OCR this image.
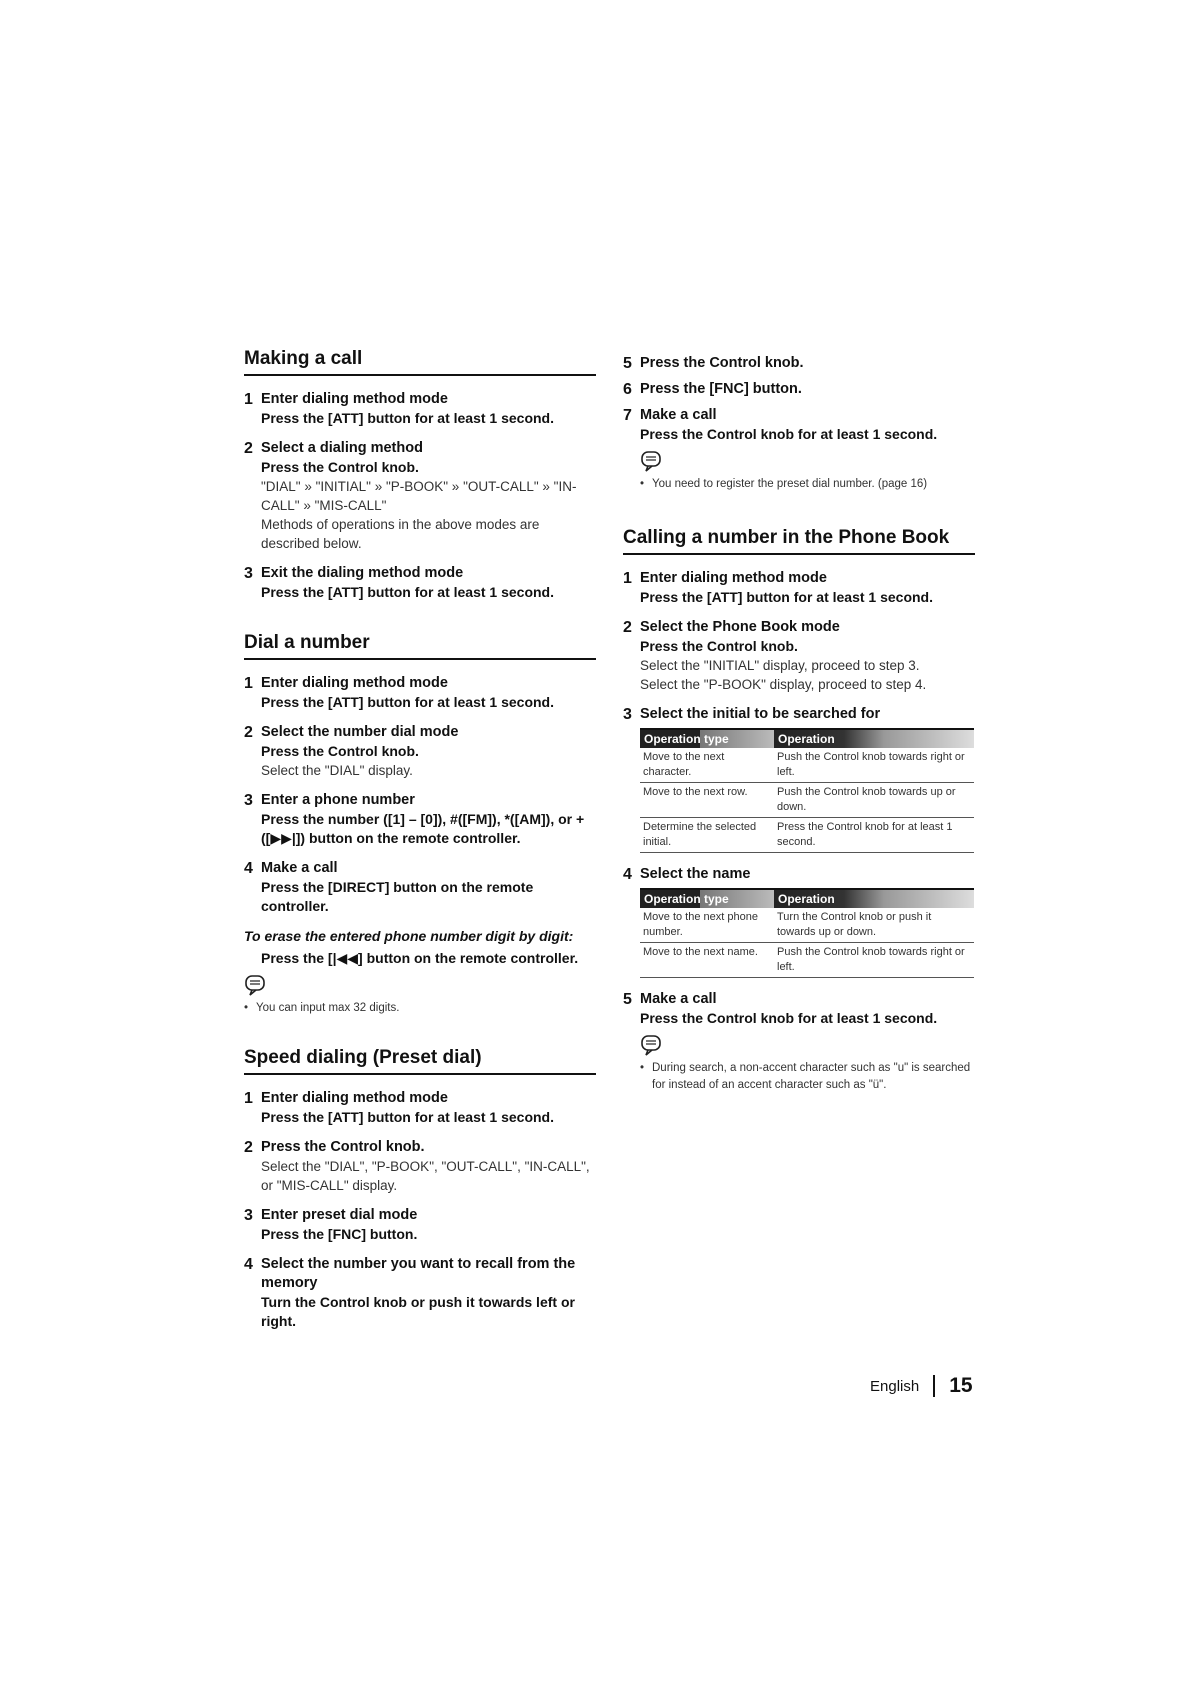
Making a call
1 Enter dialing method mode
Press the [ATT] button for at least 1 second.
2 Select a dialing method
Press the Control knob.
"DIAL" » "INITIAL" » "P-BOOK" » "OUT-CALL" » "IN-CALL" » "MIS-CALL"
Methods of operations in the above modes are described below.
3 Exit the dialing method mode
Press the [ATT] button for at least 1 second.
Dial a number
1 Enter dialing method mode
Press the [ATT] button for at least 1 second.
2 Select the number dial mode
Press the Control knob.
Select the "DIAL" display.
3 Enter a phone number
Press the number ([1] – [0]), #([FM]), *([AM]), or +([▶▶|]) button on the remote controller.
4 Make a call
Press the [DIRECT] button on the remote controller.
To erase the entered phone number digit by digit:
Press the [|◀◀] button on the remote controller.
• You can input max 32 digits.
Speed dialing (Preset dial)
1 Enter dialing method mode
Press the [ATT] button for at least 1 second.
2 Press the Control knob.
Select the "DIAL", "P-BOOK", "OUT-CALL", "IN-CALL", or "MIS-CALL" display.
3 Enter preset dial mode
Press the [FNC] button.
4 Select the number you want to recall from the memory
Turn the Control knob or push it towards left or right.
5 Press the Control knob.
6 Press the [FNC] button.
7 Make a call
Press the Control knob for at least 1 second.
• You need to register the preset dial number. (page 16)
Calling a number in the Phone Book
1 Enter dialing method mode
Press the [ATT] button for at least 1 second.
2 Select the Phone Book mode
Press the Control knob.
Select the "INITIAL" display, proceed to step 3.
Select the "P-BOOK" display, proceed to step 4.
3 Select the initial to be searched for
Operation type	Operation
Move to the next character.	Push the Control knob towards right or left.
Move to the next row.	Push the Control knob towards up or down.
Determine the selected initial.	Press the Control knob for at least 1 second.
4 Select the name
Operation type	Operation
Move to the next phone number.	Turn the Control knob or push it towards up or down.
Move to the next name.	Push the Control knob towards right or left.
5 Make a call
Press the Control knob for at least 1 second.
• During search, a non-accent character such as "u" is searched for instead of an accent character such as "ü".
English 15
